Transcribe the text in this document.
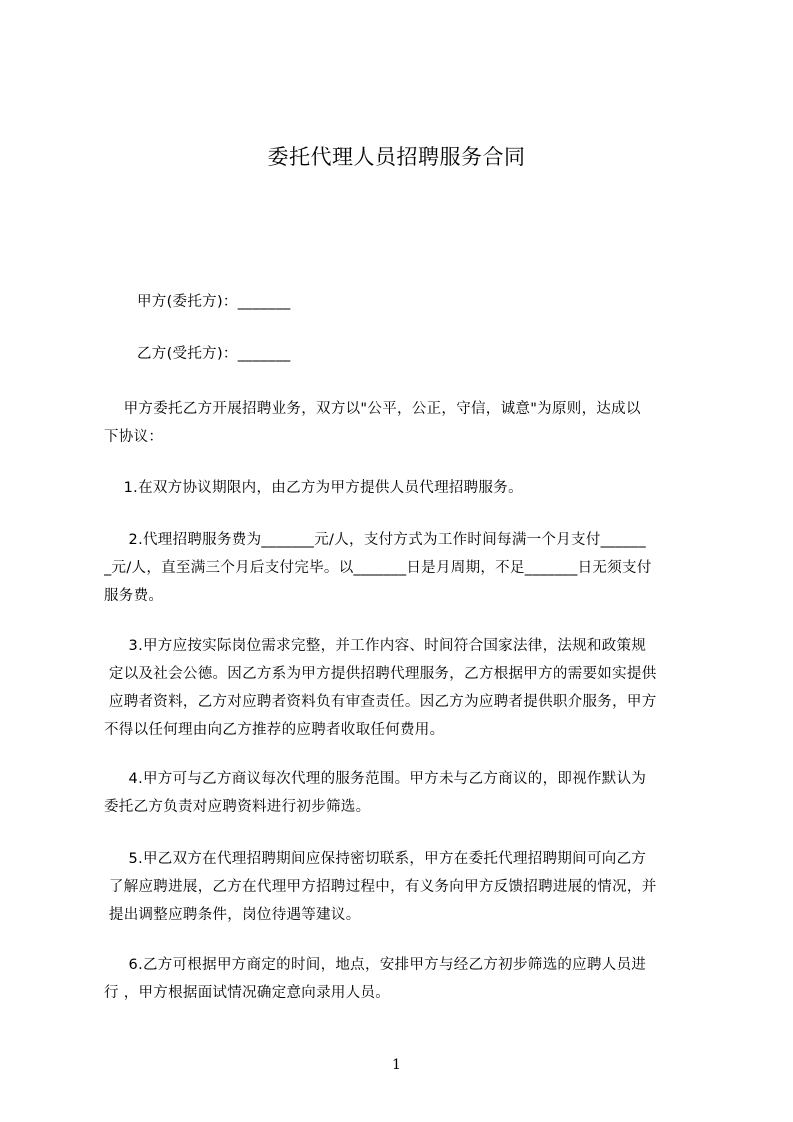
委托代理人员招聘服务合同
甲方(委托方)：_______
乙方(受托方)：_______
甲方委托乙方开展招聘业务，双方以"公平，公正，守信，诚意"为原则，达成以
下协议：
1.在双方协议期限内，由乙方为甲方提供人员代理招聘服务。
2.代理招聘服务费为_______元/人，支付方式为工作时间每满一个月支付______
_元/人，直至满三个月后支付完毕。以_______日是月周期，不足_______日无须支付
服务费。
3.甲方应按实际岗位需求完整，并工作内容、时间符合国家法律，法规和政策规
定以及社会公德。因乙方系为甲方提供招聘代理服务，乙方根据甲方的需要如实提供
应聘者资料，乙方对应聘者资料负有审查责任。因乙方为应聘者提供职介服务，甲方
不得以任何理由向乙方推荐的应聘者收取任何费用。
4.甲方可与乙方商议每次代理的服务范围。甲方未与乙方商议的，即视作默认为
委托乙方负责对应聘资料进行初步筛选。
5.甲乙双方在代理招聘期间应保持密切联系，甲方在委托代理招聘期间可向乙方
了解应聘进展，乙方在代理甲方招聘过程中，有义务向甲方反馈招聘进展的情况，并
提出调整应聘条件，岗位待遇等建议。
6.乙方可根据甲方商定的时间，地点，安排甲方与经乙方初步筛选的应聘人员进
行 ，甲方根据面试情况确定意向录用人员。
1
